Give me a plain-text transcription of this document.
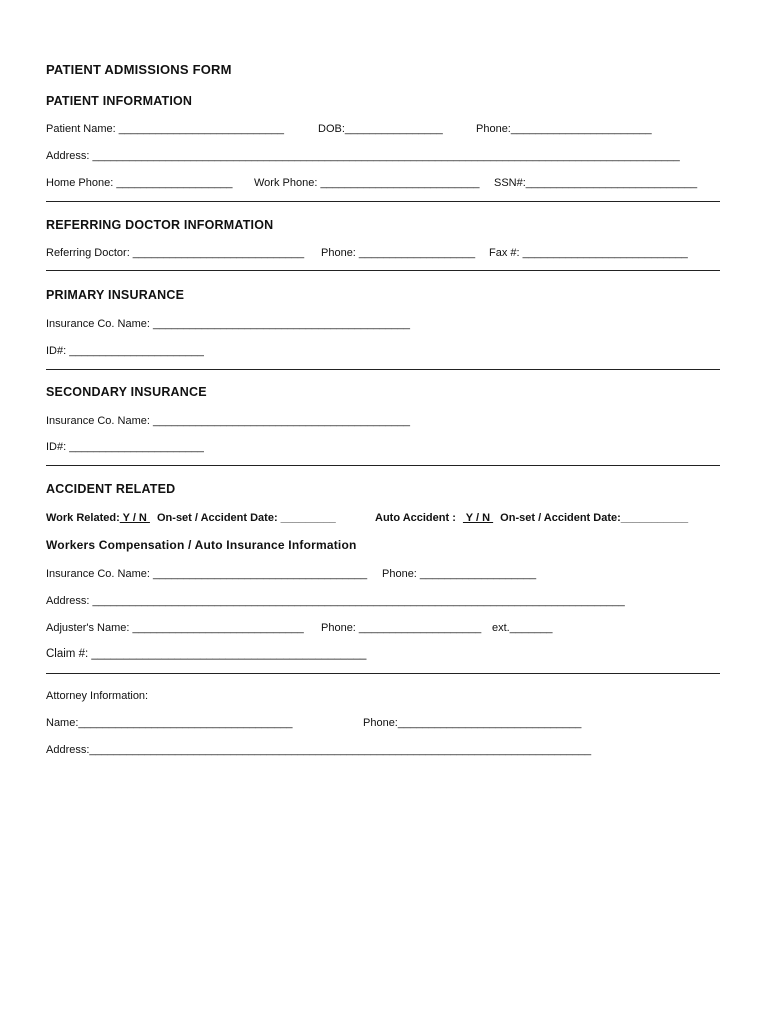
PATIENT ADMISSIONS FORM
PATIENT INFORMATION
Patient Name: ___________________________	DOB:________________	Phone:_______________________
Address: ________________________________________________________________________________________________
Home Phone: ___________________ Work Phone: __________________________ SSN#:____________________________
REFERRING DOCTOR INFORMATION
Referring Doctor: ____________________________ Phone: ___________________ Fax #: ___________________________
PRIMARY INSURANCE
Insurance Co. Name: __________________________________________
ID#: ______________________
SECONDARY INSURANCE
Insurance Co. Name: __________________________________________
ID#: ______________________
ACCIDENT RELATED
Work Related: Y / N  On-set / Accident Date: _________	Auto Accident :  Y / N  On-set / Accident Date:___________
Workers Compensation / Auto Insurance Information
Insurance Co. Name: ___________________________________ Phone: ___________________
Address: _______________________________________________________________________________________
Adjuster's Name: ____________________________ Phone: ____________________ ext._______
Claim #: ___________________________________________
Attorney Information:
Name:___________________________________	Phone:______________________________
Address:__________________________________________________________________________________
